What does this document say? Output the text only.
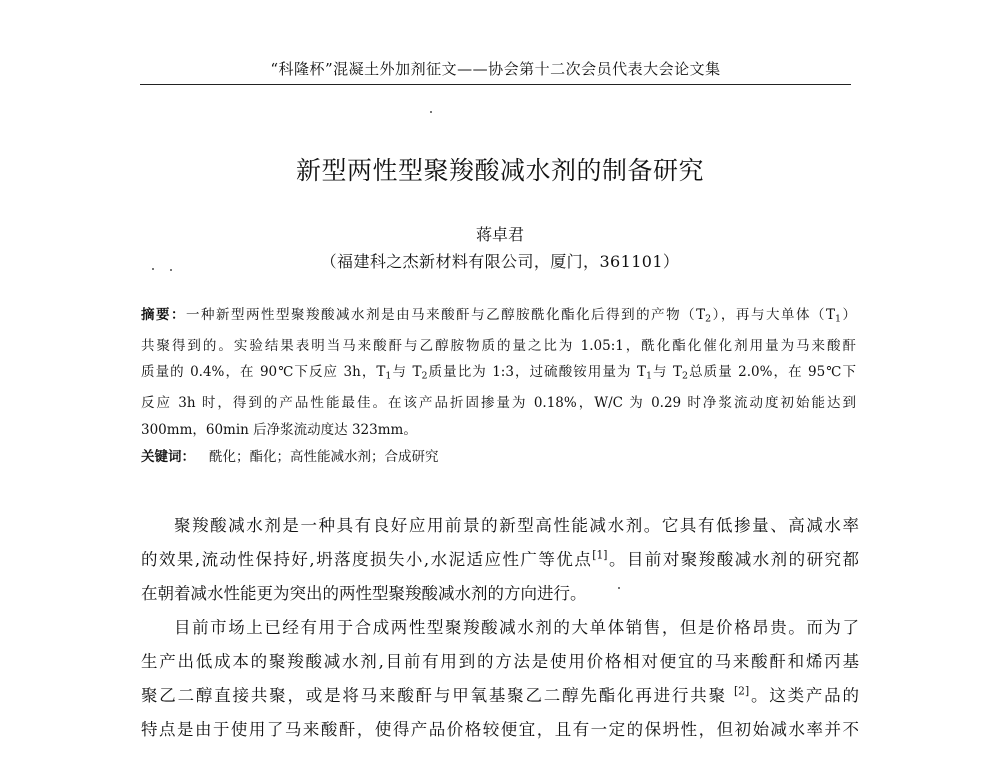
“科隆杯”混凝土外加剂征文——协会第十二次会员代表大会论文集
新型两性型聚羧酸减水剂的制备研究
蒋卓君
（福建科之杰新材料有限公司，厦门，361101）
摘要：一种新型两性型聚羧酸减水剂是由马来酸酐与乙醇胺酰化酯化后得到的产物$(T_2)$，再与大单体$(T_1)$
共聚得到的。实验结果表明当马来酸酐与乙醇胺物质的量之比为 1.05:1，酰化酯化催化剂用量为马来酸酐
质量的 0.4%，在 90℃下反应 3h，$T_1$与 $T_2$质量比为 1:3，过硫酸铵用量为 $T_1$与 $T_2$总质量 2.0%，在 95℃下
反应 3h 时，得到的产品性能最佳。在该产品折固掺量为 0.18%，W/C 为 0.29 时净浆流动度初始能达到
300mm，60min 后净浆流动度达 323mm。
关键词： 酰化；酯化；高性能减水剂；合成研究
聚羧酸减水剂是一种具有良好应用前景的新型高性能减水剂。它具有低掺量、高减水率
的效果,流动性保持好,坍落度损失小,水泥适应性广等优点[1]。目前对聚羧酸减水剂的研究都
在朝着减水性能更为突出的两性型聚羧酸减水剂的方向进行。
目前市场上已经有用于合成两性型聚羧酸减水剂的大单体销售，但是价格昂贵。而为了
生产出低成本的聚羧酸减水剂,目前有用到的方法是使用价格相对便宜的马来酸酐和烯丙基
聚乙二醇直接共聚，或是将马来酸酐与甲氧基聚乙二醇先酯化再进行共聚 [2]。这类产品的
特点是由于使用了马来酸酐，使得产品价格较便宜，且有一定的保坍性，但初始减水率并不
